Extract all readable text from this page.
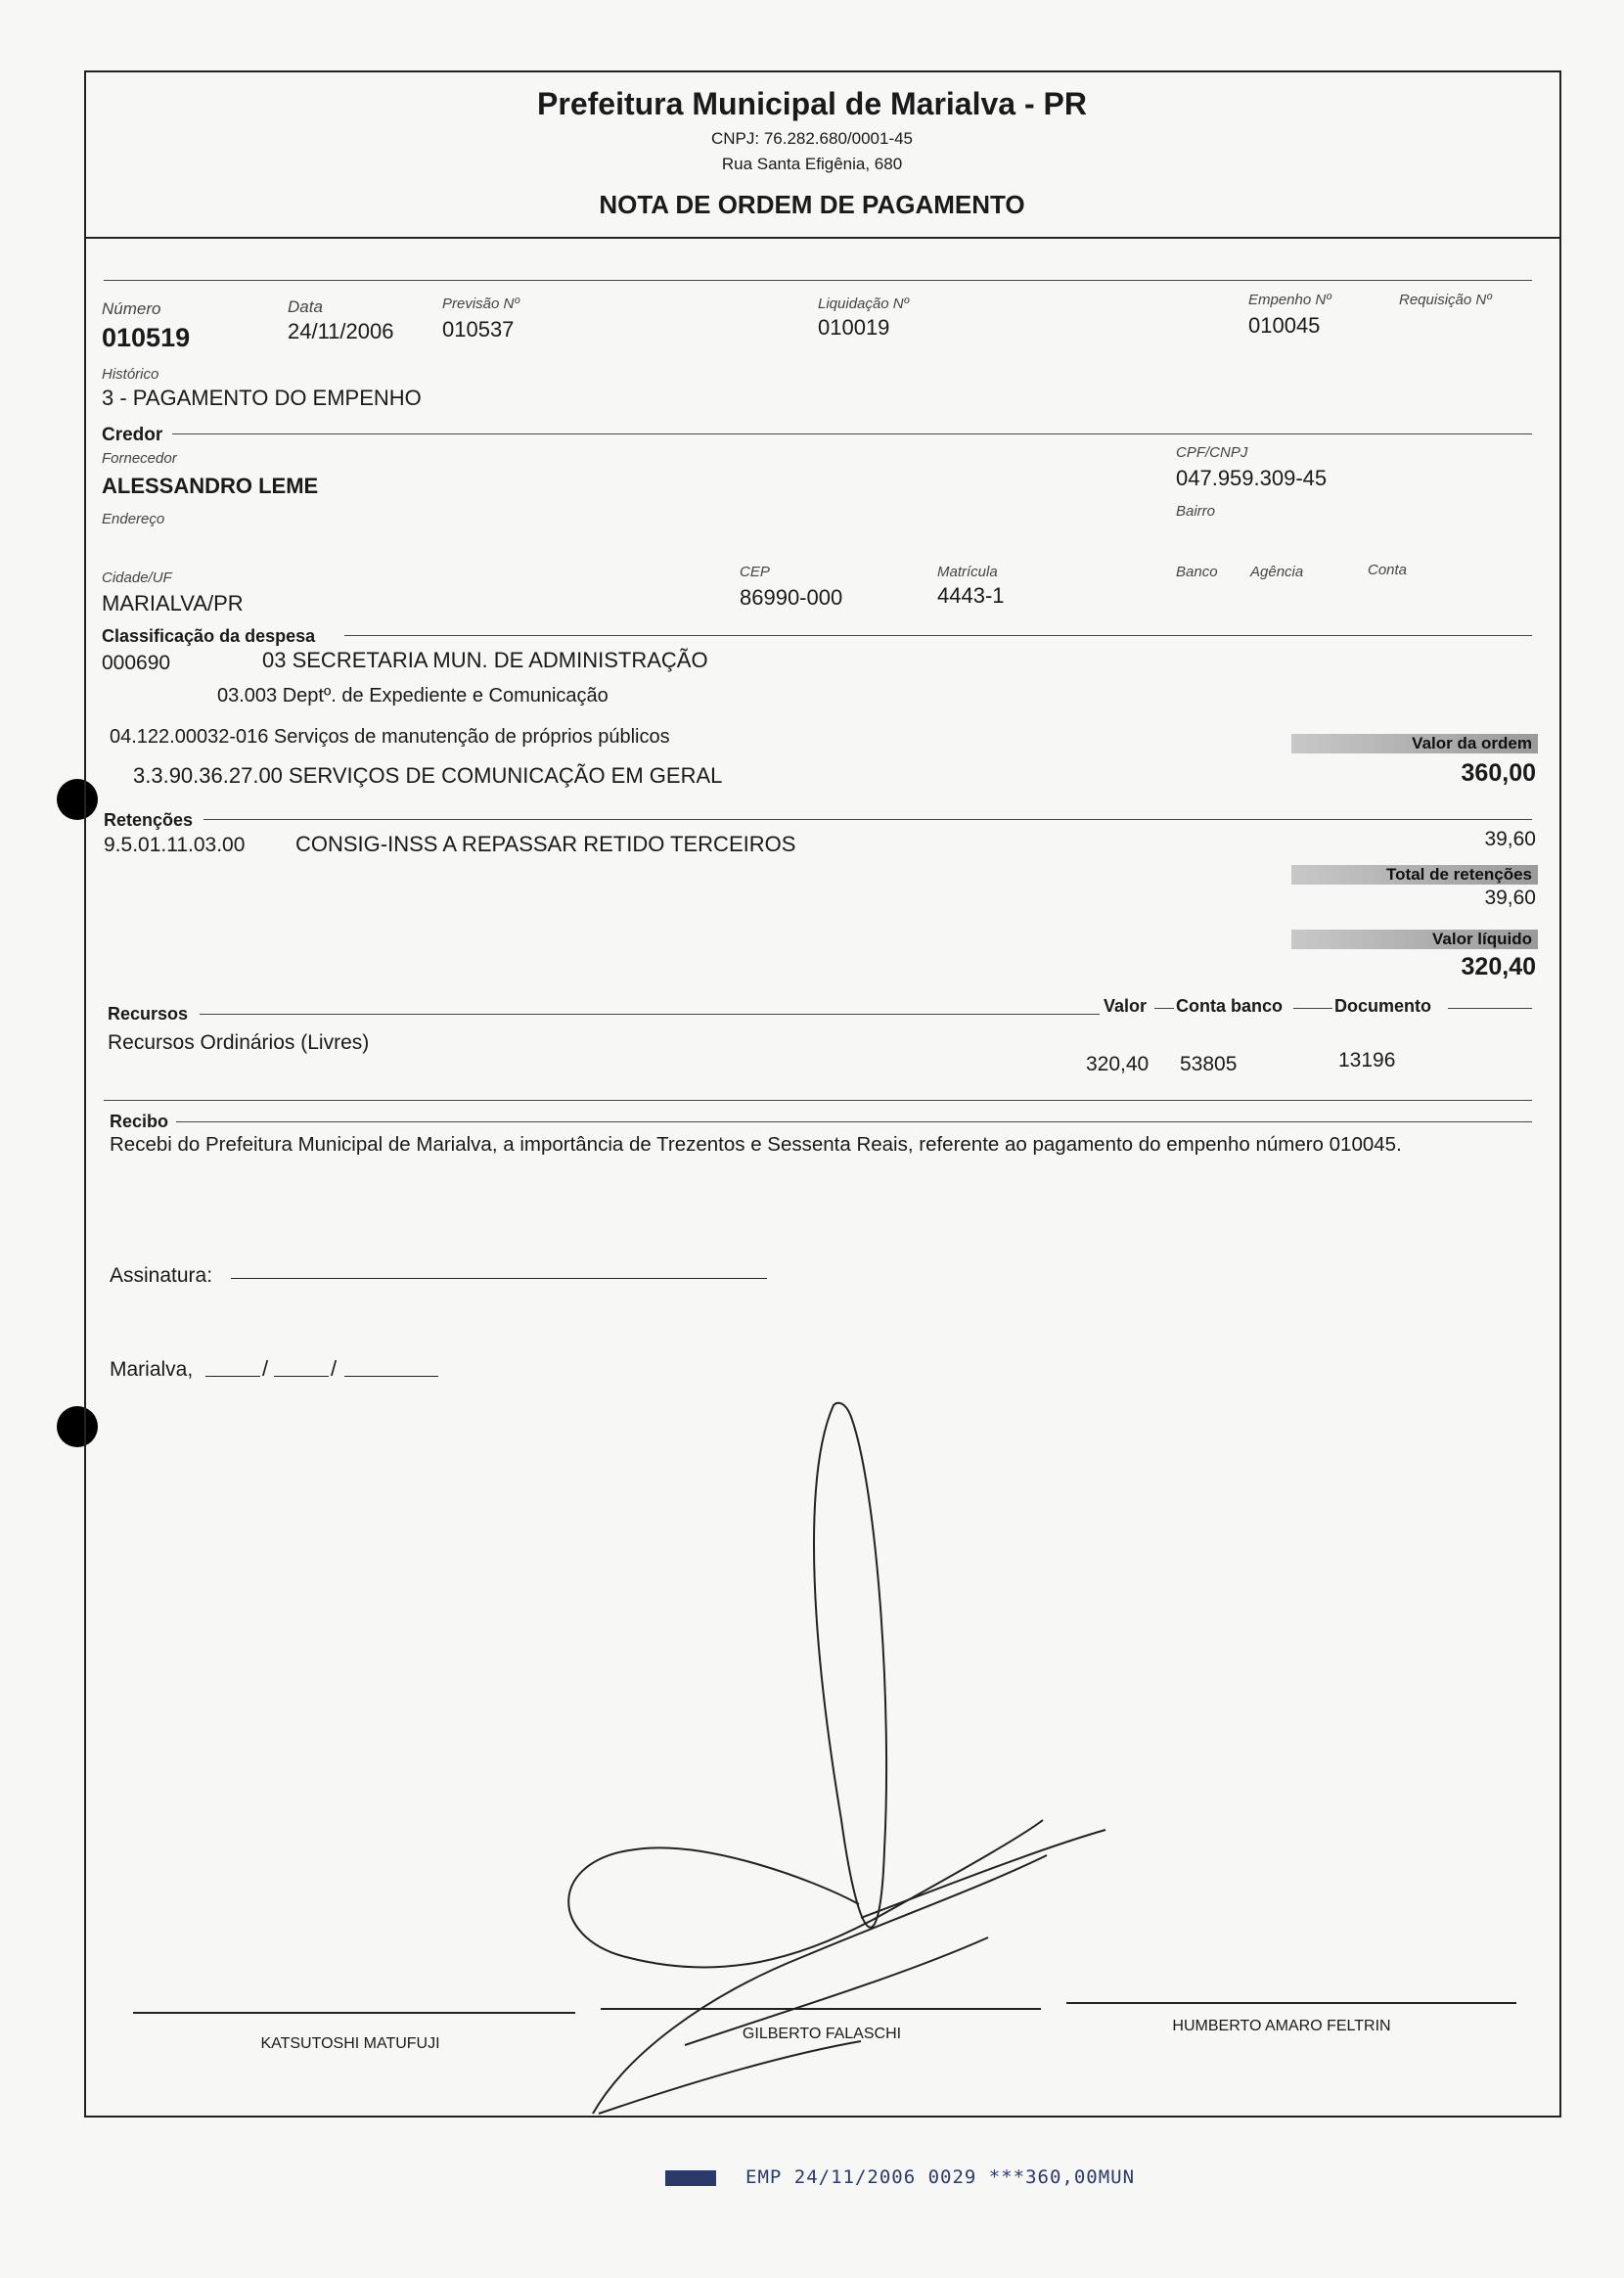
Prefeitura Municipal de Marialva - PR
CNPJ: 76.282.680/0001-45
Rua Santa Efigênia, 680
NOTA DE ORDEM DE PAGAMENTO
Número
010519
Data
24/11/2006
Previsão Nº
010537
Liquidação Nº
010019
Empenho Nº
010045
Requisição Nº
Histórico
3 - PAGAMENTO DO EMPENHO
Credor
Fornecedor
ALESSANDRO LEME
CPF/CNPJ
047.959.309-45
Endereço	Bairro
Cidade/UF
MARIALVA/PR
CEP
86990-000
Matrícula
4443-1
Banco Agência	Conta
Classificação da despesa
000690	03 SECRETARIA MUN. DE ADMINISTRAÇÃO
03.003 Deptº. de Expediente e Comunicação
04.122.00032-016 Serviços de manutenção de próprios públicos
3.3.90.36.27.00 SERVIÇOS DE COMUNICAÇÃO EM GERAL
Valor da ordem
360,00
Retenções
9.5.01.11.03.00 CONSIG-INSS A REPASSAR RETIDO TERCEIROS	39,60
Total de retenções
39,60
Valor líquido
320,40
Recursos	Valor Conta banco	Documento
Recursos Ordinários (Livres)
320,40 53805	13196
Recibo
Recebi do Prefeitura Municipal de Marialva, a importância de Trezentos e Sessenta Reais, referente ao pagamento do empenho número 010045.
Assinatura:
Marialva,	/	/
KATSUTOSHI MATUFUJI
GILBERTO FALASCHI	HUMBERTO AMARO FELTRIN
EMP 24/11/2006 0029 ***360,00MUN
